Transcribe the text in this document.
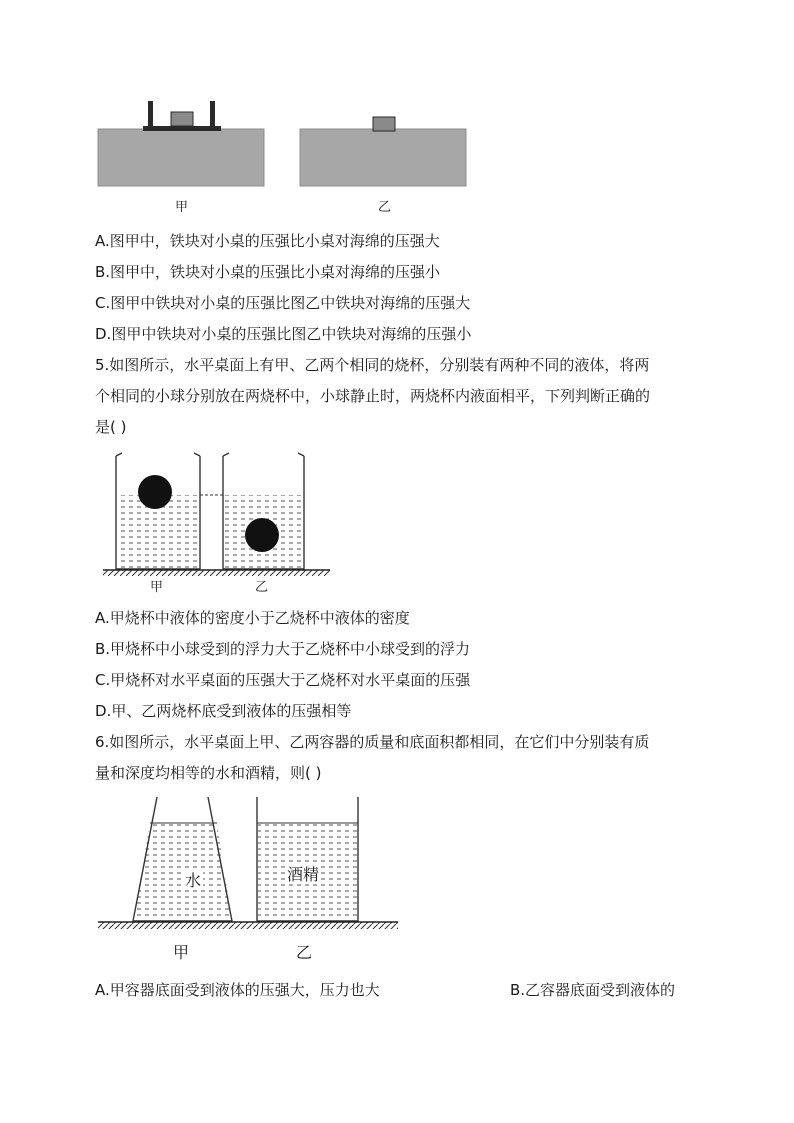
甲	乙
A.图甲中，铁块对小桌的压强比小桌对海绵的压强大
B.图甲中，铁块对小桌的压强比小桌对海绵的压强小
C.图甲中铁块对小桌的压强比图乙中铁块对海绵的压强大
D.图甲中铁块对小桌的压强比图乙中铁块对海绵的压强小
5.如图所示，水平桌面上有甲、乙两个相同的烧杯，分别装有两种不同的液体，将两
个相同的小球分别放在两烧杯中，小球静止时，两烧杯内液面相平，下列判断正确的
是( )
甲	乙
A.甲烧杯中液体的密度小于乙烧杯中液体的密度
B.甲烧杯中小球受到的浮力大于乙烧杯中小球受到的浮力
C.甲烧杯对水平桌面的压强大于乙烧杯对水平桌面的压强
D.甲、乙两烧杯底受到液体的压强相等
6.如图所示，水平桌面上甲、乙两容器的质量和底面积都相同，在它们中分别装有质
量和深度均相等的水和酒精，则( )
水	酒精
甲	乙
A.甲容器底面受到液体的压强大，压力也大	B.乙容器底面受到液体的
